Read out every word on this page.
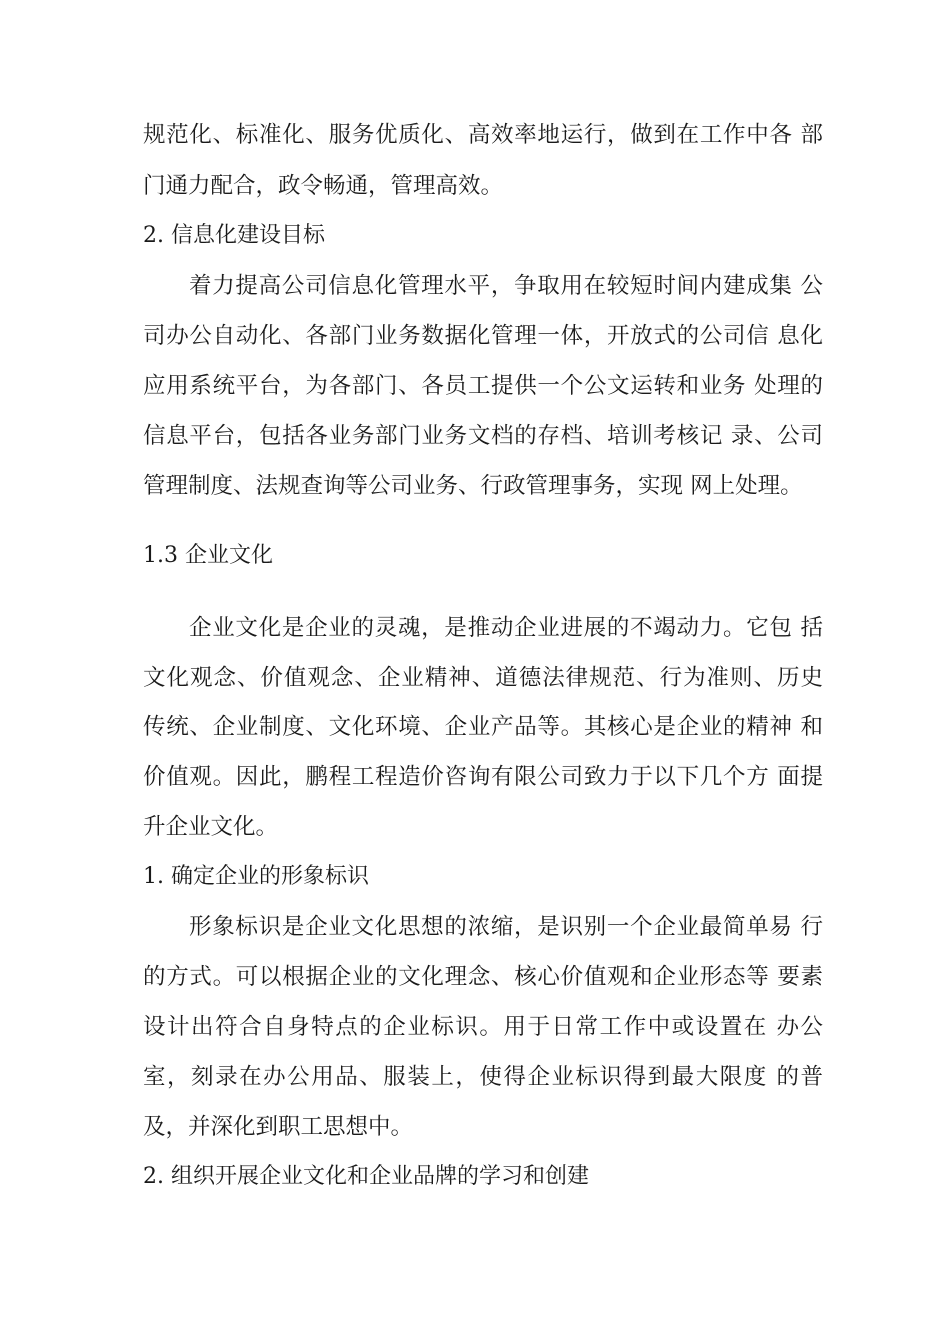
规范化、标准化、服务优质化、高效率地运行，做到在工作中各 部
门通力配合，政令畅通，管理高效。
2. 信息化建设目标
着力提高公司信息化管理水平，争取用在较短时间内建成集 公
司办公自动化、各部门业务数据化管理一体，开放式的公司信 息化
应用系统平台，为各部门、各员工提供一个公文运转和业务 处理的
信息平台，包括各业务部门业务文档的存档、培训考核记 录、公司
管理制度、法规查询等公司业务、行政管理事务，实现 网上处理。
1.3 企业文化
企业文化是企业的灵魂，是推动企业进展的不竭动力。它包 括
文化观念、价值观念、企业精神、道德法律规范、行为准则、历史
传统、企业制度、文化环境、企业产品等。其核心是企业的精神 和
价值观。因此，鹏程工程造价咨询有限公司致力于以下几个方 面提
升企业文化。
1. 确定企业的形象标识
形象标识是企业文化思想的浓缩，是识别一个企业最简单易 行
的方式。可以根据企业的文化理念、核心价值观和企业形态等 要素
设计出符合自身特点的企业标识。用于日常工作中或设置在 办公
室，刻录在办公用品、服装上，使得企业标识得到最大限度 的普
及，并深化到职工思想中。
2. 组织开展企业文化和企业品牌的学习和创建
